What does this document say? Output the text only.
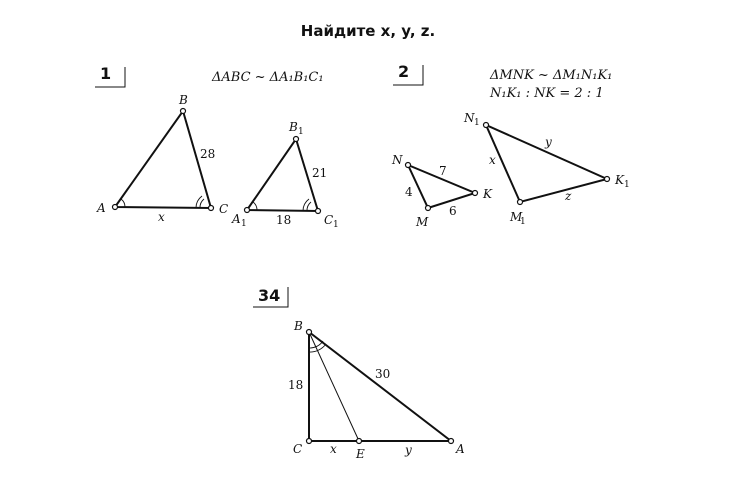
Найдите x, y, z.
1	2
34
ΔABC ~ ΔA₁B₁C₁	ΔMNK ~ ΔM₁N₁K₁
N₁K₁ : NK = 2 : 1
A
B
C
28
x	A 1
B 1
C 1
21
18
N
M
K
7
4
6
N 1
M
1
K 1
y
x
z
B
C	E	A
18
30
x	y
